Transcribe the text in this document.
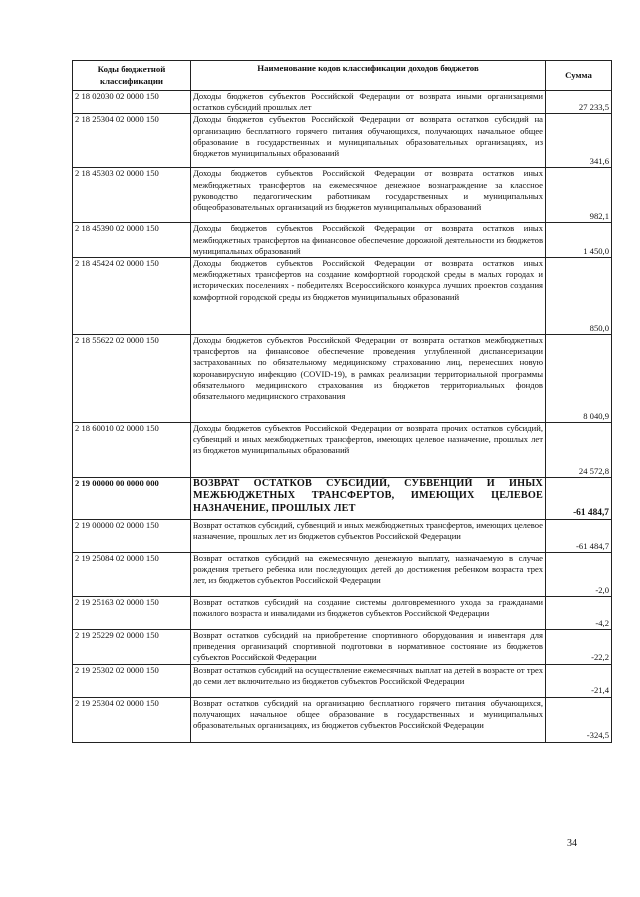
Коды бюджетной классификации	Наименование кодов классификации доходов бюджетов	Сумма
2 18 02030 02 0000 150	Доходы бюджетов субъектов Российской Федерации от возврата иными организациями остатков субсидий прошлых лет	27 233,5
2 18 25304 02 0000 150	Доходы бюджетов субъектов Российской Федерации от возврата остатков субсидий на организацию бесплатного горячего питания обучающихся, получающих начальное общее образование в государственных и муниципальных образовательных организациях, из бюджетов муниципальных образований	341,6
2 18 45303 02 0000 150	Доходы бюджетов субъектов Российской Федерации от возврата остатков иных межбюджетных трансфертов на ежемесячное денежное вознаграждение за классное руководство педагогическим работникам государственных и муниципальных общеобразовательных организаций из бюджетов муниципальных образований	982,1
2 18 45390 02 0000 150	Доходы бюджетов субъектов Российской Федерации от возврата остатков иных межбюджетных трансфертов на финансовое обеспечение дорожной деятельности из бюджетов муниципальных образований	1 450,0
2 18 45424 02 0000 150	Доходы бюджетов субъектов Российской Федерации от возврата остатков иных межбюджетных трансфертов на создание комфортной городской среды в малых городах и исторических поселениях - победителях Всероссийского конкурса лучших проектов создания комфортной городской среды из бюджетов муниципальных образований	850,0
2 18 55622 02 0000 150	Доходы бюджетов субъектов Российской Федерации от возврата остатков межбюджетных трансфертов на финансовое обеспечение проведения углубленной диспансеризации застрахованных по обязательному медицинскому страхованию лиц, перенесших новую коронавирусную инфекцию (COVID-19), в рамках реализации территориальной программы обязательного медицинского страхования из бюджетов территориальных фондов обязательного медицинского страхования	8 040,9
2 18 60010 02 0000 150	Доходы бюджетов субъектов Российской Федерации от возврата прочих остатков субсидий, субвенций и иных межбюджетных трансфертов, имеющих целевое назначение, прошлых лет из бюджетов муниципальных образований	24 572,8
2 19 00000 00 0000 000	ВОЗВРАТ ОСТАТКОВ СУБСИДИЙ, СУБВЕНЦИЙ И ИНЫХ МЕЖБЮДЖЕТНЫХ ТРАНСФЕРТОВ, ИМЕЮЩИХ ЦЕЛЕВОЕ НАЗНАЧЕНИЕ, ПРОШЛЫХ ЛЕТ	-61 484,7
2 19 00000 02 0000 150	Возврат остатков субсидий, субвенций и иных межбюджетных трансфертов, имеющих целевое назначение, прошлых лет из бюджетов субъектов Российской Федерации	-61 484,7
2 19 25084 02 0000 150	Возврат остатков субсидий на ежемесячную денежную выплату, назначаемую в случае рождения третьего ребенка или последующих детей до достижения ребенком возраста трех лет, из бюджетов субъектов Российской Федерации	-2,0
2 19 25163 02 0000 150	Возврат остатков субсидий на создание системы долговременного ухода за гражданами пожилого возраста и инвалидами из бюджетов субъектов Российской Федерации	-4,2
2 19 25229 02 0000 150	Возврат остатков субсидий на приобретение спортивного оборудования и инвентаря для приведения организаций спортивной подготовки в нормативное состояние из бюджетов субъектов Российской Федерации	-22,2
2 19 25302 02 0000 150	Возврат остатков субсидий на осуществление ежемесячных выплат на детей в возрасте от трех до семи лет включительно из бюджетов субъектов Российской Федерации	-21,4
2 19 25304 02 0000 150	Возврат остатков субсидий на организацию бесплатного горячего питания обучающихся, получающих начальное общее образование в государственных и муниципальных образовательных организациях, из бюджетов субъектов Российской Федерации	-324,5
34
